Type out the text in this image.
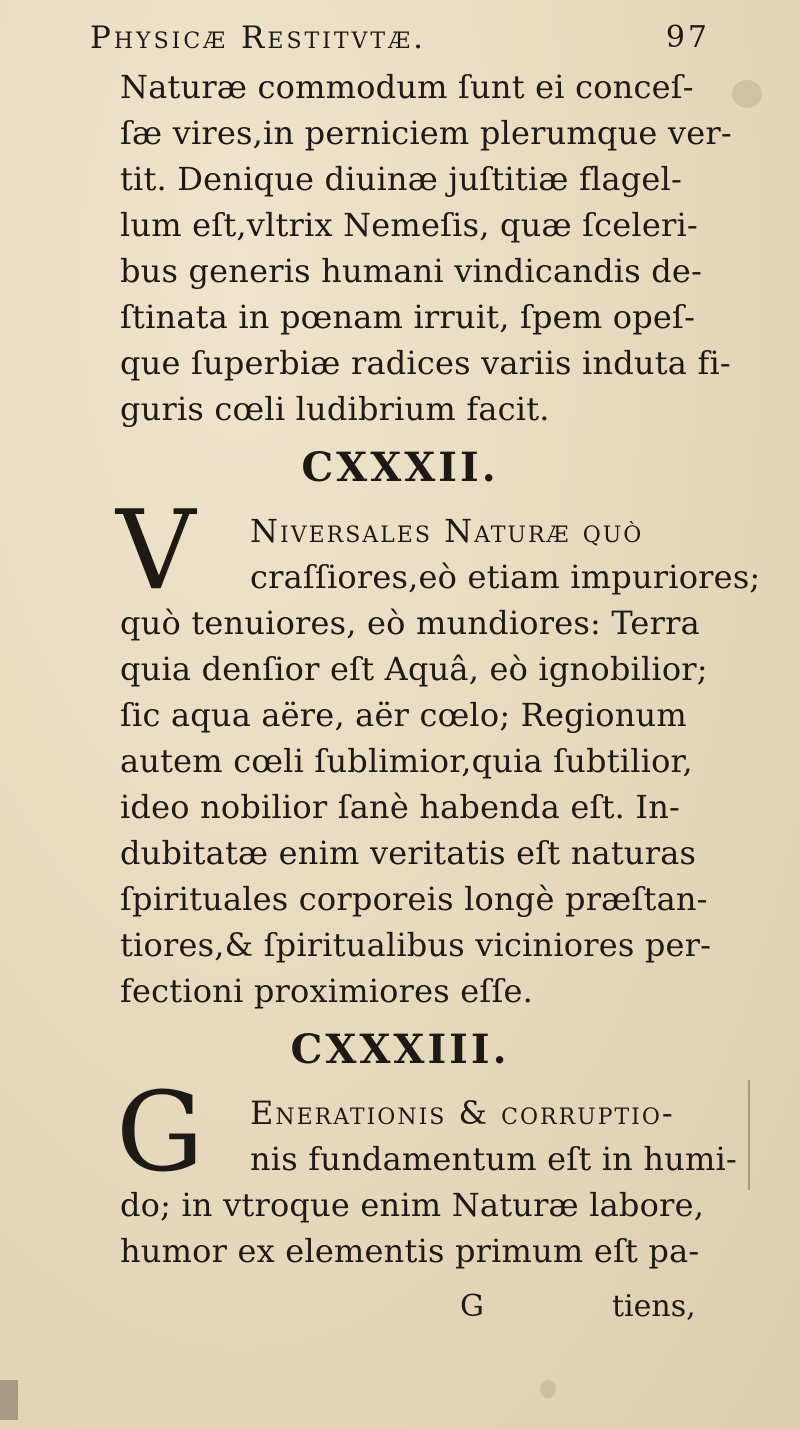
Physicæ Restitvtæ.	97
Naturæ commodum ſunt ei conceſ-
ſæ vires,in perniciem plerumque ver-
tit. Denique diuinæ juſtitiæ flagel-
lum eſt,vltrix Nemeſis, quæ ſceleri-
bus generis humani vindicandis de-
ſtinata in pœnam irruit, ſpem opeſ-
que ſuperbiæ radices variis induta fi-
guris cœli ludibrium facit.
CXXXII.
V Niversales Naturæ quò
craſſiores,eò etiam impuriores;
quò tenuiores, eò mundiores: Terra
quia denſior eſt Aquâ, eò ignobilior;
ſic aqua aëre, aër cœlo; Regionum
autem cœli ſublimior,quia ſubtilior,
ideo nobilior ſanè habenda eſt. In-
dubitatæ enim veritatis eſt naturas
ſpirituales corporeis longè præſtan-
tiores,& ſpiritualibus viciniores per-
fectioni proximiores eſſe.
CXXXIII.
G Enerationis & corruptio-
nis fundamentum eſt in humi-
do; in vtroque enim Naturæ labore,
humor ex elementis primum eſt pa-
G	tiens,
